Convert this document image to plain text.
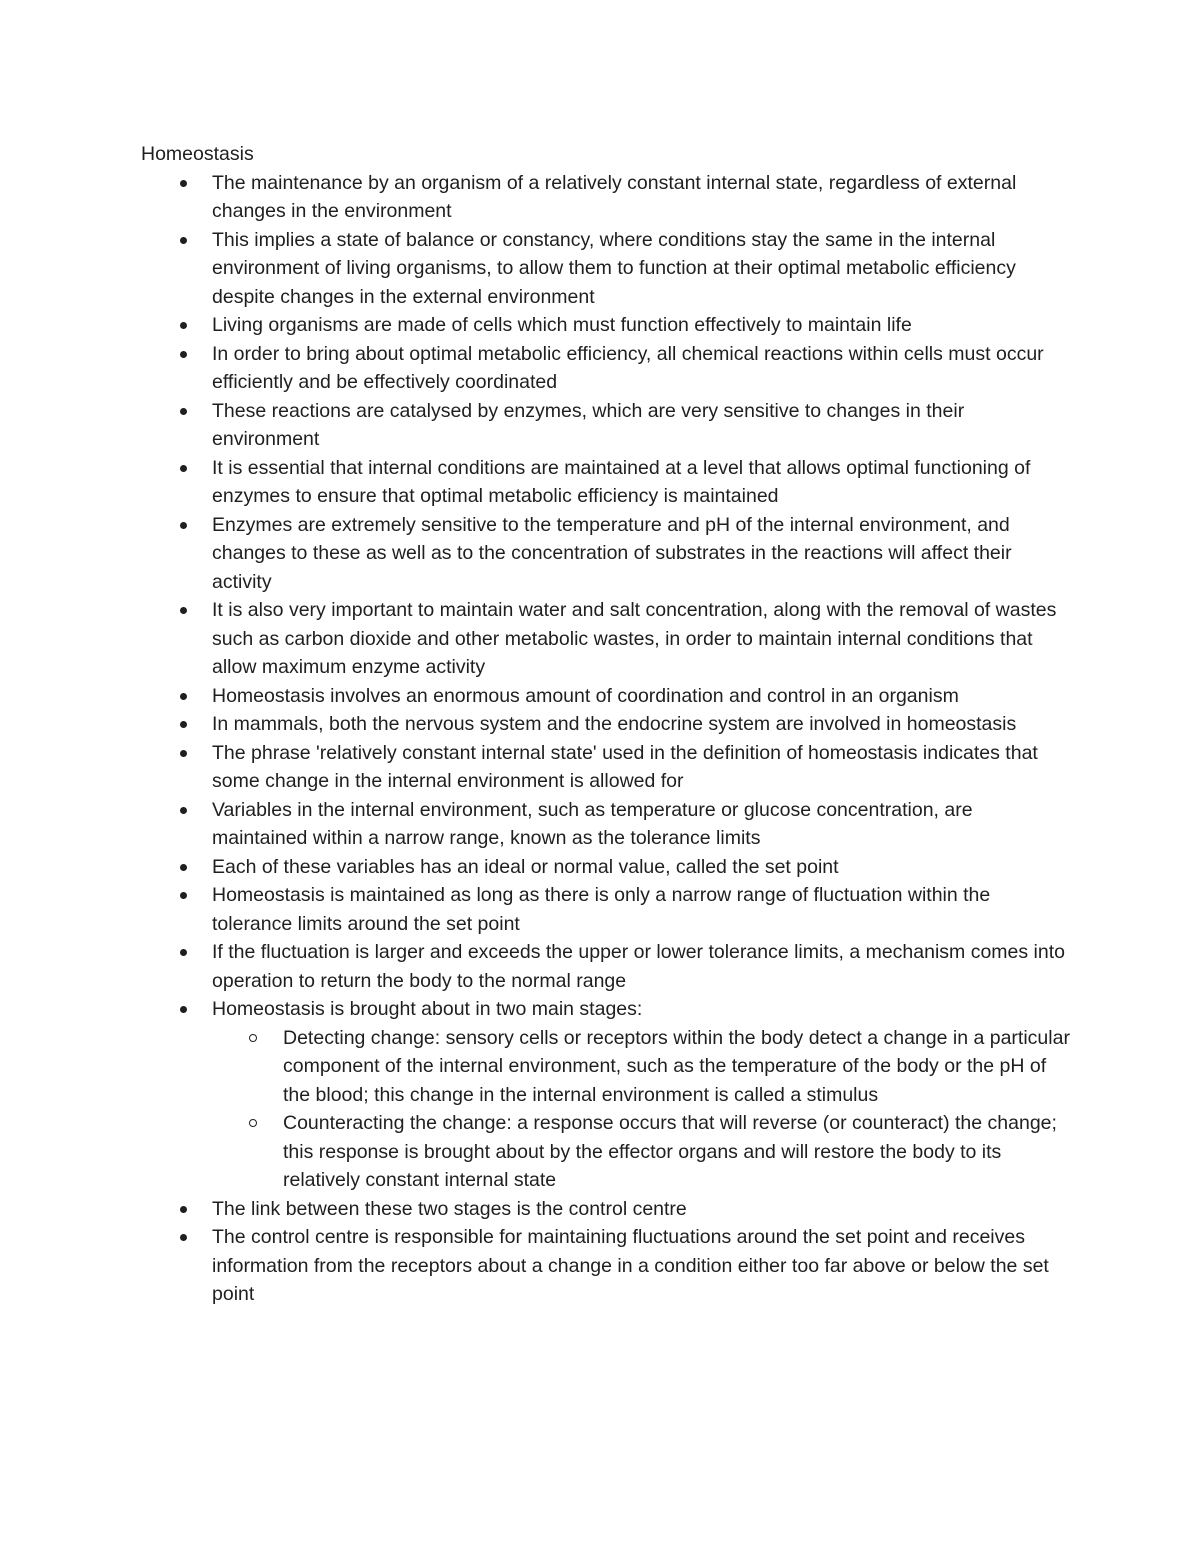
Homeostasis
The maintenance by an organism of a relatively constant internal state, regardless of external changes in the environment
This implies a state of balance or constancy, where conditions stay the same in the internal environment of living organisms, to allow them to function at their optimal metabolic efficiency despite changes in the external environment
Living organisms are made of cells which must function effectively to maintain life
In order to bring about optimal metabolic efficiency, all chemical reactions within cells must occur efficiently and be effectively coordinated
These reactions are catalysed by enzymes, which are very sensitive to changes in their environment
It is essential that internal conditions are maintained at a level that allows optimal functioning of enzymes to ensure that optimal metabolic efficiency is maintained
Enzymes are extremely sensitive to the temperature and pH of the internal environment, and changes to these as well as to the concentration of substrates in the reactions will affect their activity
It is also very important to maintain water and salt concentration, along with the removal of wastes such as carbon dioxide and other metabolic wastes, in order to maintain internal conditions that allow maximum enzyme activity
Homeostasis involves an enormous amount of coordination and control in an organism
In mammals, both the nervous system and the endocrine system are involved in homeostasis
The phrase 'relatively constant internal state' used in the definition of homeostasis indicates that some change in the internal environment is allowed for
Variables in the internal environment, such as temperature or glucose concentration, are maintained within a narrow range, known as the tolerance limits
Each of these variables has an ideal or normal value, called the set point
Homeostasis is maintained as long as there is only a narrow range of fluctuation within the tolerance limits around the set point
If the fluctuation is larger and exceeds the upper or lower tolerance limits, a mechanism comes into operation to return the body to the normal range
Homeostasis is brought about in two main stages:
Detecting change: sensory cells or receptors within the body detect a change in a particular component of the internal environment, such as the temperature of the body or the pH of the blood; this change in the internal environment is called a stimulus
Counteracting the change: a response occurs that will reverse (or counteract) the change; this response is brought about by the effector organs and will restore the body to its relatively constant internal state
The link between these two stages is the control centre
The control centre is responsible for maintaining fluctuations around the set point and receives information from the receptors about a change in a condition either too far above or below the set point
